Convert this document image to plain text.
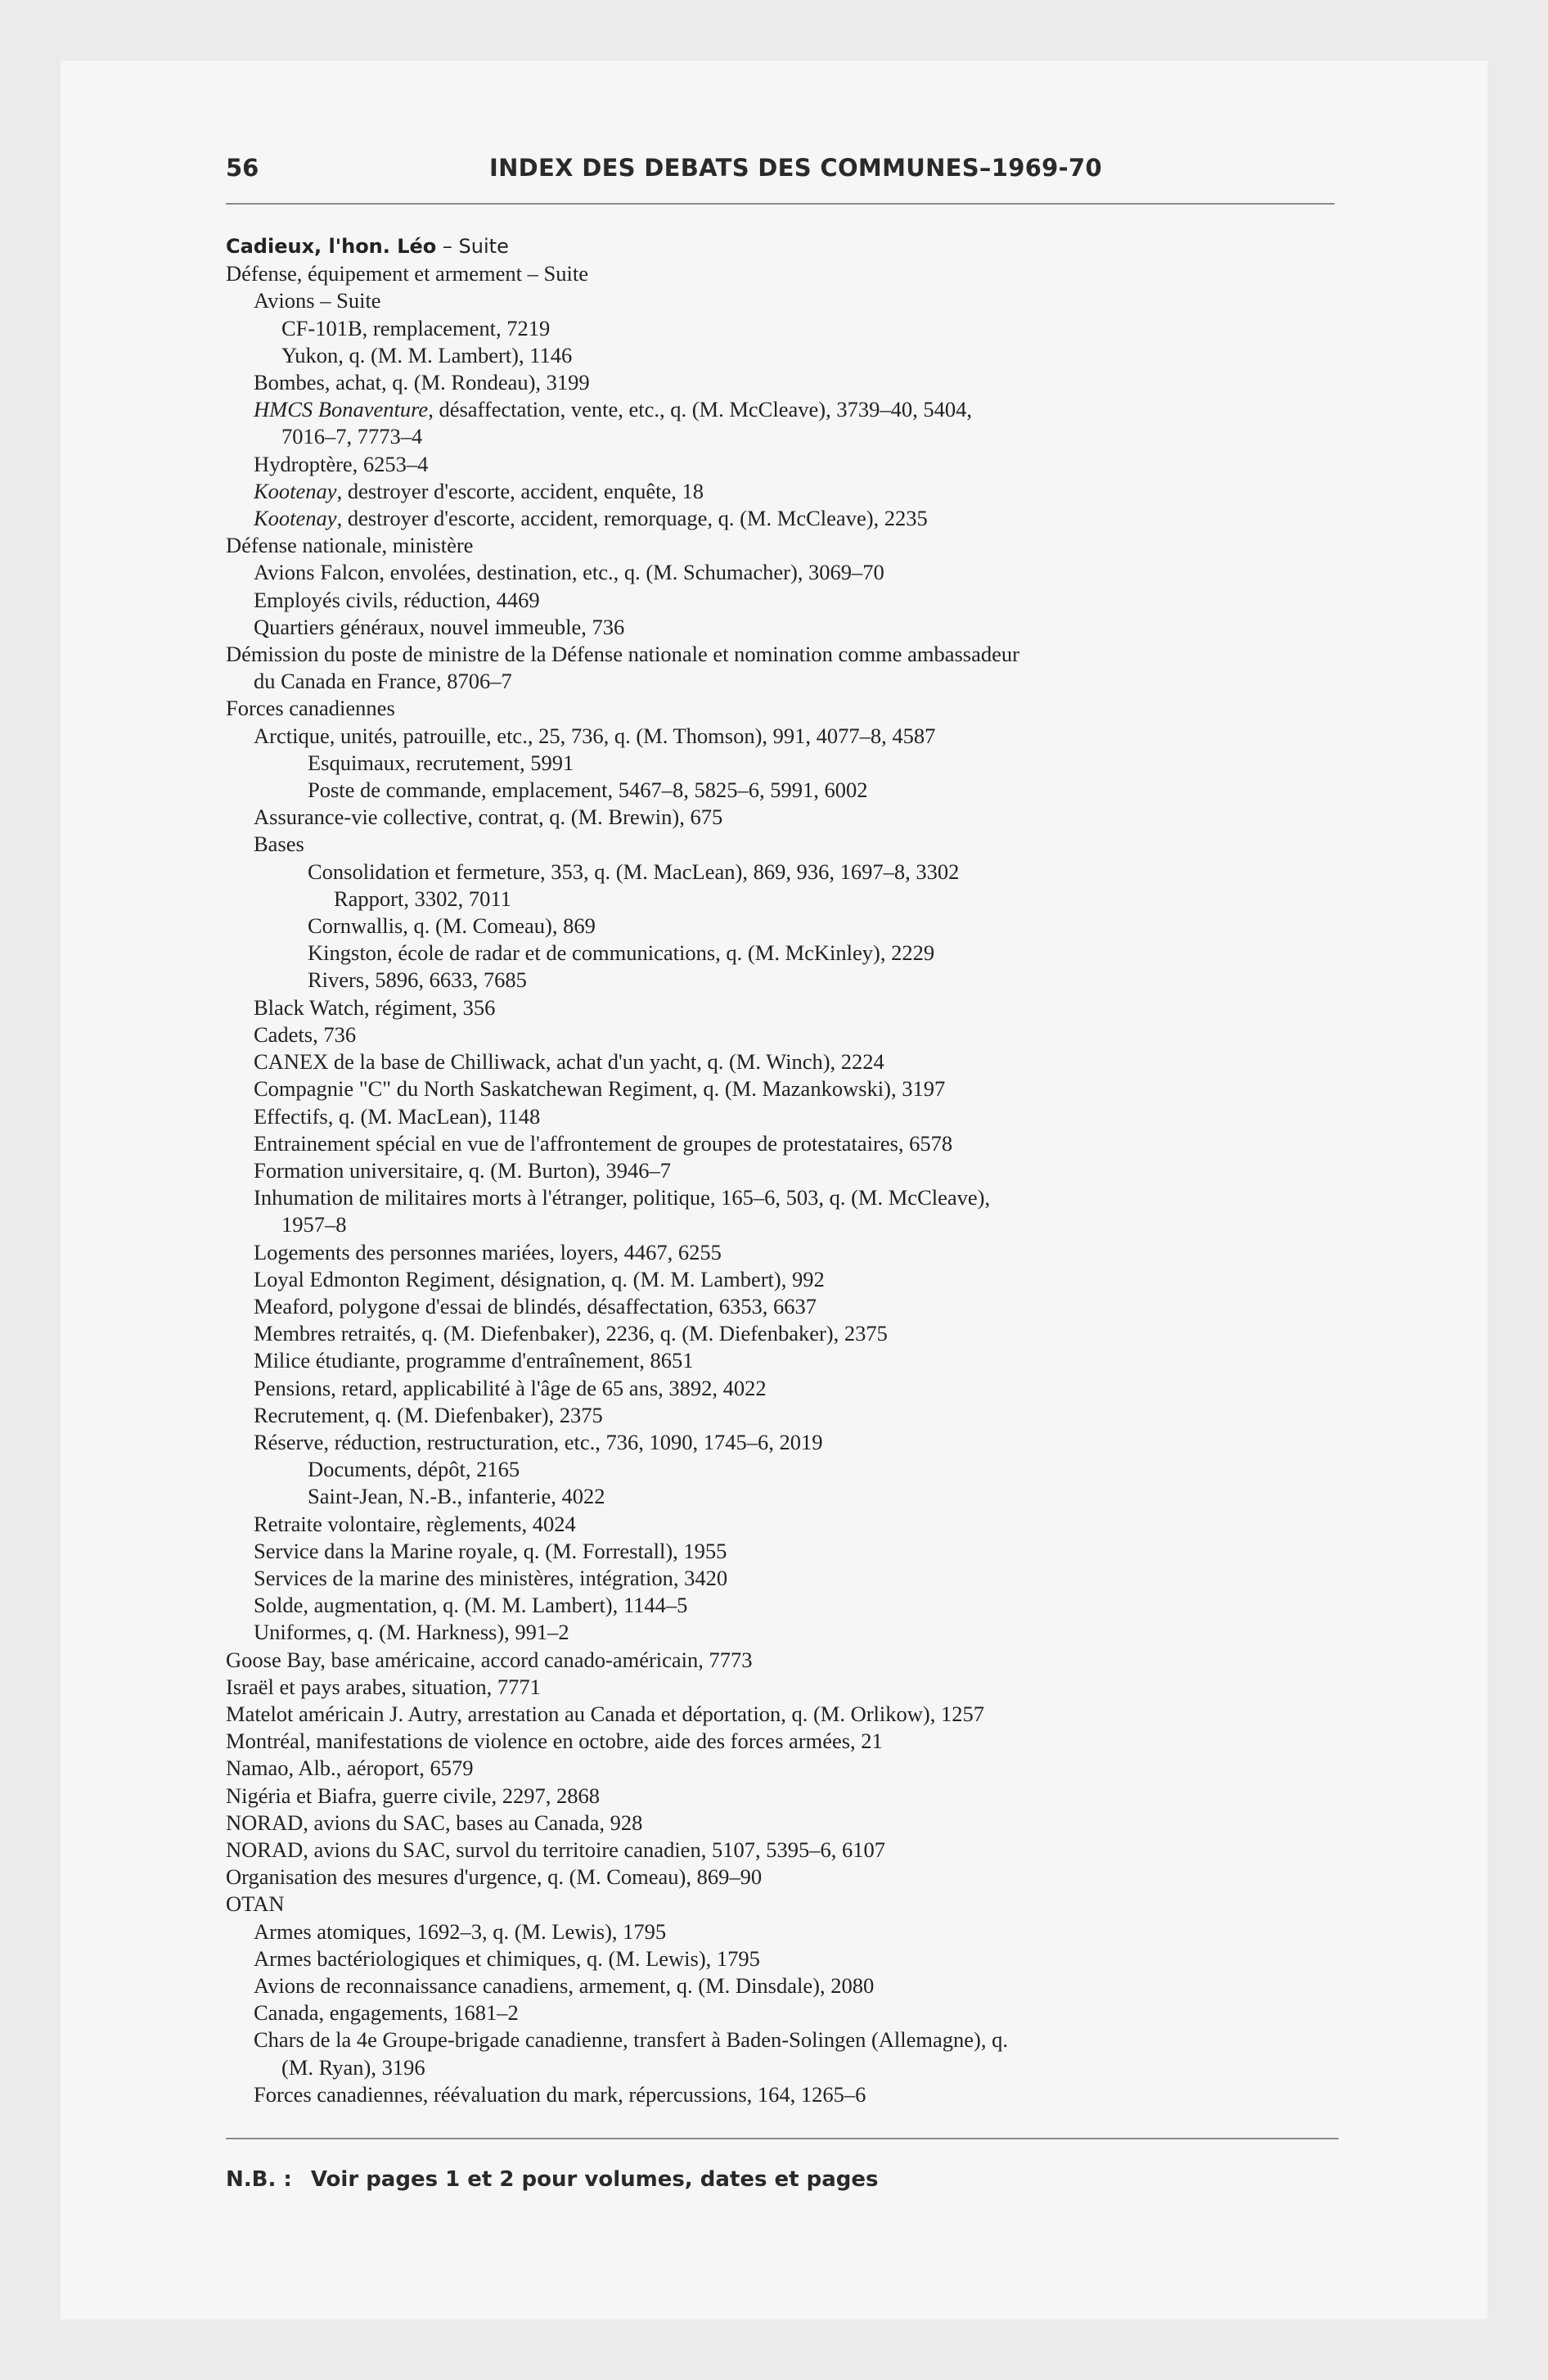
56	INDEX DES DEBATS DES COMMUNES–1969-70
Cadieux, l'hon. Léo – Suite
Défense, équipement et armement – Suite
Avions – Suite
CF-101B, remplacement, 7219
Yukon, q. (M. M. Lambert), 1146
Bombes, achat, q. (M. Rondeau), 3199
HMCS Bonaventure, désaffectation, vente, etc., q. (M. McCleave), 3739–40, 5404,
7016–7, 7773–4
Hydroptère, 6253–4
Kootenay, destroyer d'escorte, accident, enquête, 18
Kootenay, destroyer d'escorte, accident, remorquage, q. (M. McCleave), 2235
Défense nationale, ministère
Avions Falcon, envolées, destination, etc., q. (M. Schumacher), 3069–70
Employés civils, réduction, 4469
Quartiers généraux, nouvel immeuble, 736
Démission du poste de ministre de la Défense nationale et nomination comme ambassadeur
du Canada en France, 8706–7
Forces canadiennes
Arctique, unités, patrouille, etc., 25, 736, q. (M. Thomson), 991, 4077–8, 4587
Esquimaux, recrutement, 5991
Poste de commande, emplacement, 5467–8, 5825–6, 5991, 6002
Assurance-vie collective, contrat, q. (M. Brewin), 675
Bases
Consolidation et fermeture, 353, q. (M. MacLean), 869, 936, 1697–8, 3302
Rapport, 3302, 7011
Cornwallis, q. (M. Comeau), 869
Kingston, école de radar et de communications, q. (M. McKinley), 2229
Rivers, 5896, 6633, 7685
Black Watch, régiment, 356
Cadets, 736
CANEX de la base de Chilliwack, achat d'un yacht, q. (M. Winch), 2224
Compagnie "C" du North Saskatchewan Regiment, q. (M. Mazankowski), 3197
Effectifs, q. (M. MacLean), 1148
Entrainement spécial en vue de l'affrontement de groupes de protestataires, 6578
Formation universitaire, q. (M. Burton), 3946–7
Inhumation de militaires morts à l'étranger, politique, 165–6, 503, q. (M. McCleave),
1957–8
Logements des personnes mariées, loyers, 4467, 6255
Loyal Edmonton Regiment, désignation, q. (M. M. Lambert), 992
Meaford, polygone d'essai de blindés, désaffectation, 6353, 6637
Membres retraités, q. (M. Diefenbaker), 2236, q. (M. Diefenbaker), 2375
Milice étudiante, programme d'entraînement, 8651
Pensions, retard, applicabilité à l'âge de 65 ans, 3892, 4022
Recrutement, q. (M. Diefenbaker), 2375
Réserve, réduction, restructuration, etc., 736, 1090, 1745–6, 2019
Documents, dépôt, 2165
Saint-Jean, N.-B., infanterie, 4022
Retraite volontaire, règlements, 4024
Service dans la Marine royale, q. (M. Forrestall), 1955
Services de la marine des ministères, intégration, 3420
Solde, augmentation, q. (M. M. Lambert), 1144–5
Uniformes, q. (M. Harkness), 991–2
Goose Bay, base américaine, accord canado-américain, 7773
Israël et pays arabes, situation, 7771
Matelot américain J. Autry, arrestation au Canada et déportation, q. (M. Orlikow), 1257
Montréal, manifestations de violence en octobre, aide des forces armées, 21
Namao, Alb., aéroport, 6579
Nigéria et Biafra, guerre civile, 2297, 2868
NORAD, avions du SAC, bases au Canada, 928
NORAD, avions du SAC, survol du territoire canadien, 5107, 5395–6, 6107
Organisation des mesures d'urgence, q. (M. Comeau), 869–90
OTAN
Armes atomiques, 1692–3, q. (M. Lewis), 1795
Armes bactériologiques et chimiques, q. (M. Lewis), 1795
Avions de reconnaissance canadiens, armement, q. (M. Dinsdale), 2080
Canada, engagements, 1681–2
Chars de la 4e Groupe-brigade canadienne, transfert à Baden-Solingen (Allemagne), q.
(M. Ryan), 3196
Forces canadiennes, réévaluation du mark, répercussions, 164, 1265–6
N.B. : Voir pages 1 et 2 pour volumes, dates et pages
